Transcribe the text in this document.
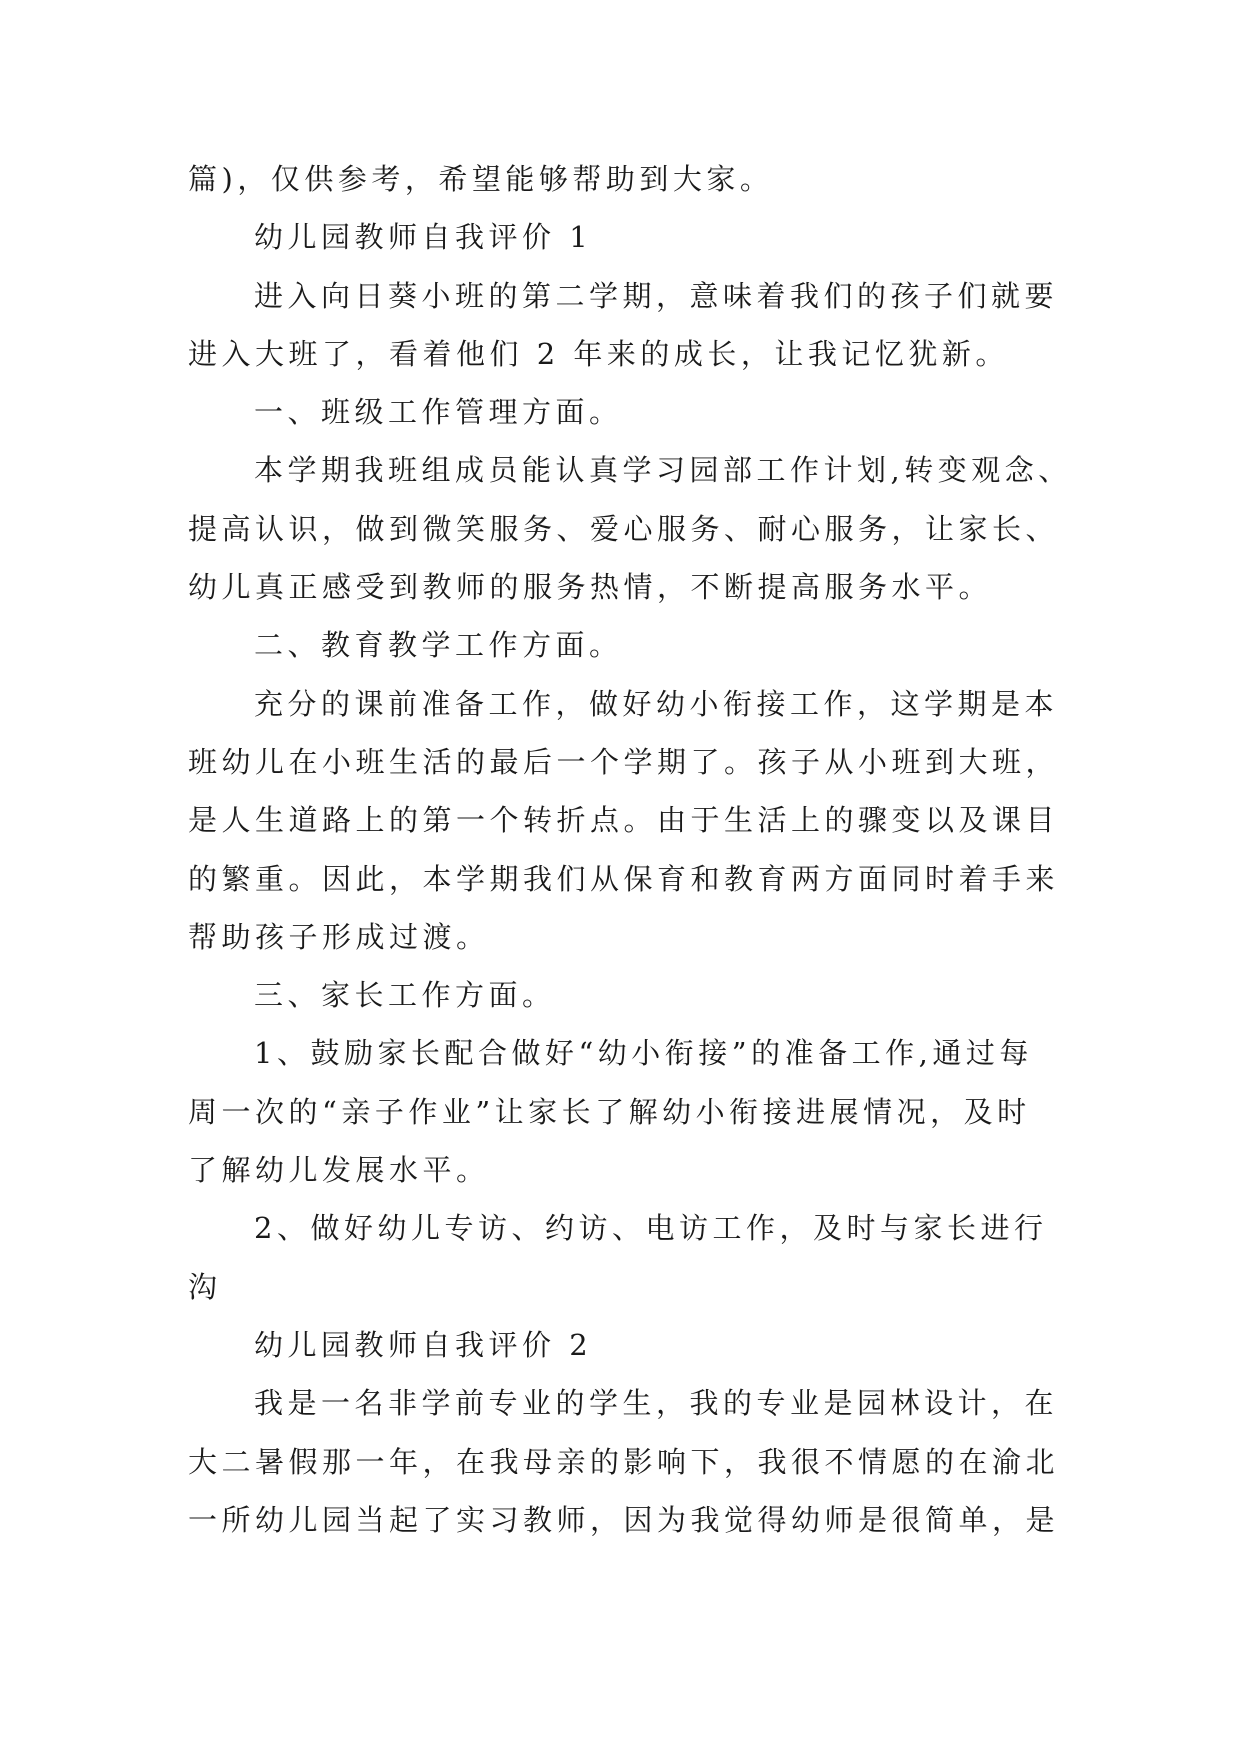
篇)，仅供参考，希望能够帮助到大家。
幼儿园教师自我评价 1
进入向日葵小班的第二学期，意味着我们的孩子们就要
进入大班了，看着他们 2 年来的成长，让我记忆犹新。
一、班级工作管理方面。
本学期我班组成员能认真学习园部工作计划,转变观念、
提高认识，做到微笑服务、爱心服务、耐心服务，让家长、
幼儿真正感受到教师的服务热情，不断提高服务水平。
二、教育教学工作方面。
充分的课前准备工作，做好幼小衔接工作，这学期是本
班幼儿在小班生活的最后一个学期了。孩子从小班到大班，
是人生道路上的第一个转折点。由于生活上的骤变以及课目
的繁重。因此，本学期我们从保育和教育两方面同时着手来
帮助孩子形成过渡。
三、家长工作方面。
1、鼓励家长配合做好“幼小衔接”的准备工作,通过每
周一次的“亲子作业”让家长了解幼小衔接进展情况，及时
了解幼儿发展水平。
2、做好幼儿专访、约访、电访工作，及时与家长进行
沟
幼儿园教师自我评价 2
我是一名非学前专业的学生，我的专业是园林设计，在
大二暑假那一年，在我母亲的影响下，我很不情愿的在渝北
一所幼儿园当起了实习教师，因为我觉得幼师是很简单，是
